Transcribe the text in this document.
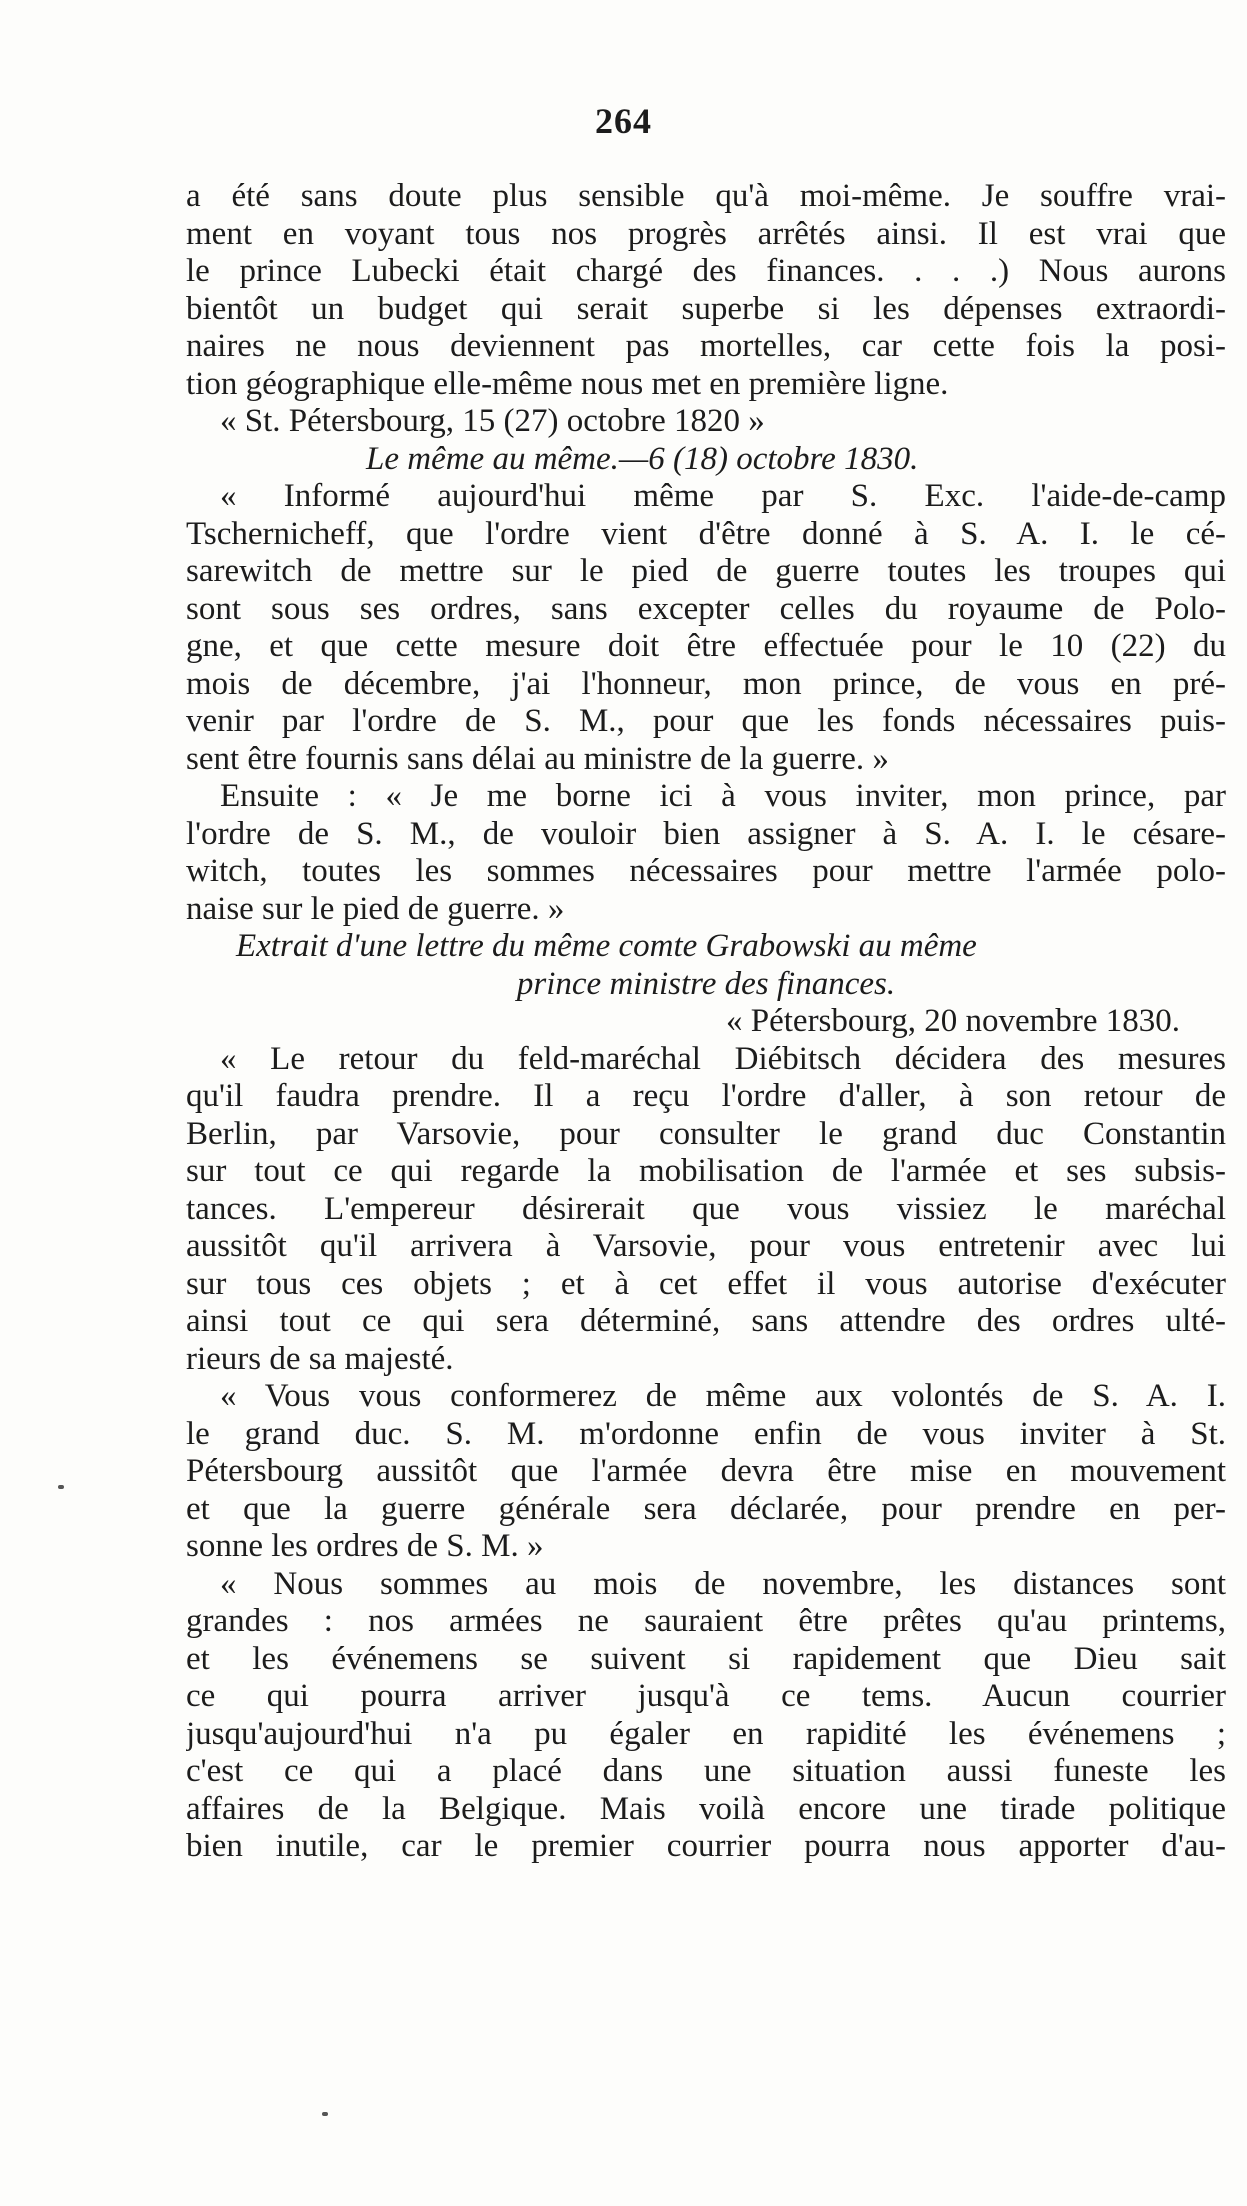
264
a été sans doute plus sensible qu'à moi-même. Je souffre vrai-
ment en voyant tous nos progrès arrêtés ainsi. Il est vrai que
le prince Lubecki était chargé des finances. . . .) Nous aurons
bientôt un budget qui serait superbe si les dépenses extraordi-
naires ne nous deviennent pas mortelles, car cette fois la posi-
tion géographique elle-même nous met en première ligne.
« St. Pétersbourg, 15 (27) octobre 1820 »
Le même au même.—6 (18) octobre 1830.
« Informé aujourd'hui même par S. Exc. l'aide-de-camp
Tschernicheff, que l'ordre vient d'être donné à S. A. I. le cé-
sarewitch de mettre sur le pied de guerre toutes les troupes qui
sont sous ses ordres, sans excepter celles du royaume de Polo-
gne, et que cette mesure doit être effectuée pour le 10 (22) du
mois de décembre, j'ai l'honneur, mon prince, de vous en pré-
venir par l'ordre de S. M., pour que les fonds nécessaires puis-
sent être fournis sans délai au ministre de la guerre. »
Ensuite : « Je me borne ici à vous inviter, mon prince, par
l'ordre de S. M., de vouloir bien assigner à S. A. I. le césare-
witch, toutes les sommes nécessaires pour mettre l'armée polo-
naise sur le pied de guerre. »
Extrait d'une lettre du même comte Grabowski au même
prince ministre des finances.
« Pétersbourg, 20 novembre 1830.
« Le retour du feld-maréchal Diébitsch décidera des mesures
qu'il faudra prendre. Il a reçu l'ordre d'aller, à son retour de
Berlin, par Varsovie, pour consulter le grand duc Constantin
sur tout ce qui regarde la mobilisation de l'armée et ses subsis-
tances. L'empereur désirerait que vous vissiez le maréchal
aussitôt qu'il arrivera à Varsovie, pour vous entretenir avec lui
sur tous ces objets ; et à cet effet il vous autorise d'exécuter
ainsi tout ce qui sera déterminé, sans attendre des ordres ulté-
rieurs de sa majesté.
« Vous vous conformerez de même aux volontés de S. A. I.
le grand duc. S. M. m'ordonne enfin de vous inviter à St.
Pétersbourg aussitôt que l'armée devra être mise en mouvement
et que la guerre générale sera déclarée, pour prendre en per-
sonne les ordres de S. M. »
« Nous sommes au mois de novembre, les distances sont
grandes : nos armées ne sauraient être prêtes qu'au printems,
et les événemens se suivent si rapidement que Dieu sait
ce qui pourra arriver jusqu'à ce tems. Aucun courrier
jusqu'aujourd'hui n'a pu égaler en rapidité les événemens ;
c'est ce qui a placé dans une situation aussi funeste les
affaires de la Belgique. Mais voilà encore une tirade politique
bien inutile, car le premier courrier pourra nous apporter d'au-
